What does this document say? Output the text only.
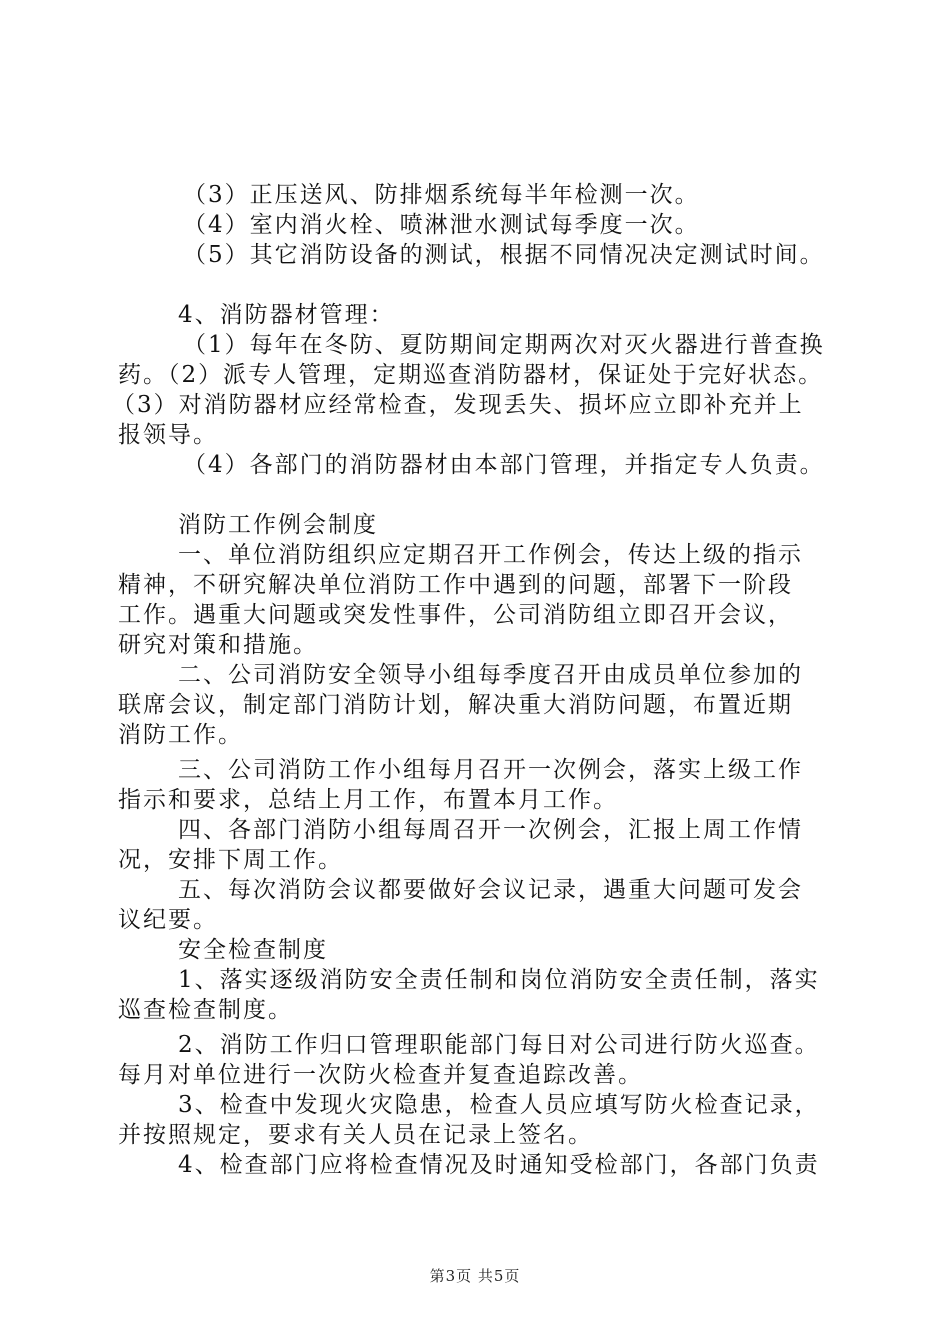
（3）正压送风、防排烟系统每半年检测一次。
（4）室内消火栓、喷淋泄水测试每季度一次。
（5）其它消防设备的测试，根据不同情况决定测试时间。
4、消防器材管理：
（1）每年在冬防、夏防期间定期两次对灭火器进行普查换
药。（2）派专人管理，定期巡查消防器材，保证处于完好状态。
（3）对消防器材应经常检查，发现丢失、损坏应立即补充并上
报领导。
（4）各部门的消防器材由本部门管理，并指定专人负责。
消防工作例会制度
一、单位消防组织应定期召开工作例会，传达上级的指示
精神，不研究解决单位消防工作中遇到的问题，部署下一阶段
工作。遇重大问题或突发性事件，公司消防组立即召开会议，
研究对策和措施。
二、公司消防安全领导小组每季度召开由成员单位参加的
联席会议，制定部门消防计划，解决重大消防问题，布置近期
消防工作。
三、公司消防工作小组每月召开一次例会，落实上级工作
指示和要求，总结上月工作，布置本月工作。
四、各部门消防小组每周召开一次例会，汇报上周工作情
况，安排下周工作。
五、每次消防会议都要做好会议记录，遇重大问题可发会
议纪要。
安全检查制度
1、落实逐级消防安全责任制和岗位消防安全责任制，落实
巡查检查制度。
2、消防工作归口管理职能部门每日对公司进行防火巡查。
每月对单位进行一次防火检查并复查追踪改善。
3、检查中发现火灾隐患，检查人员应填写防火检查记录，
并按照规定，要求有关人员在记录上签名。
4、检查部门应将检查情况及时通知受检部门，各部门负责
第3页 共5页
